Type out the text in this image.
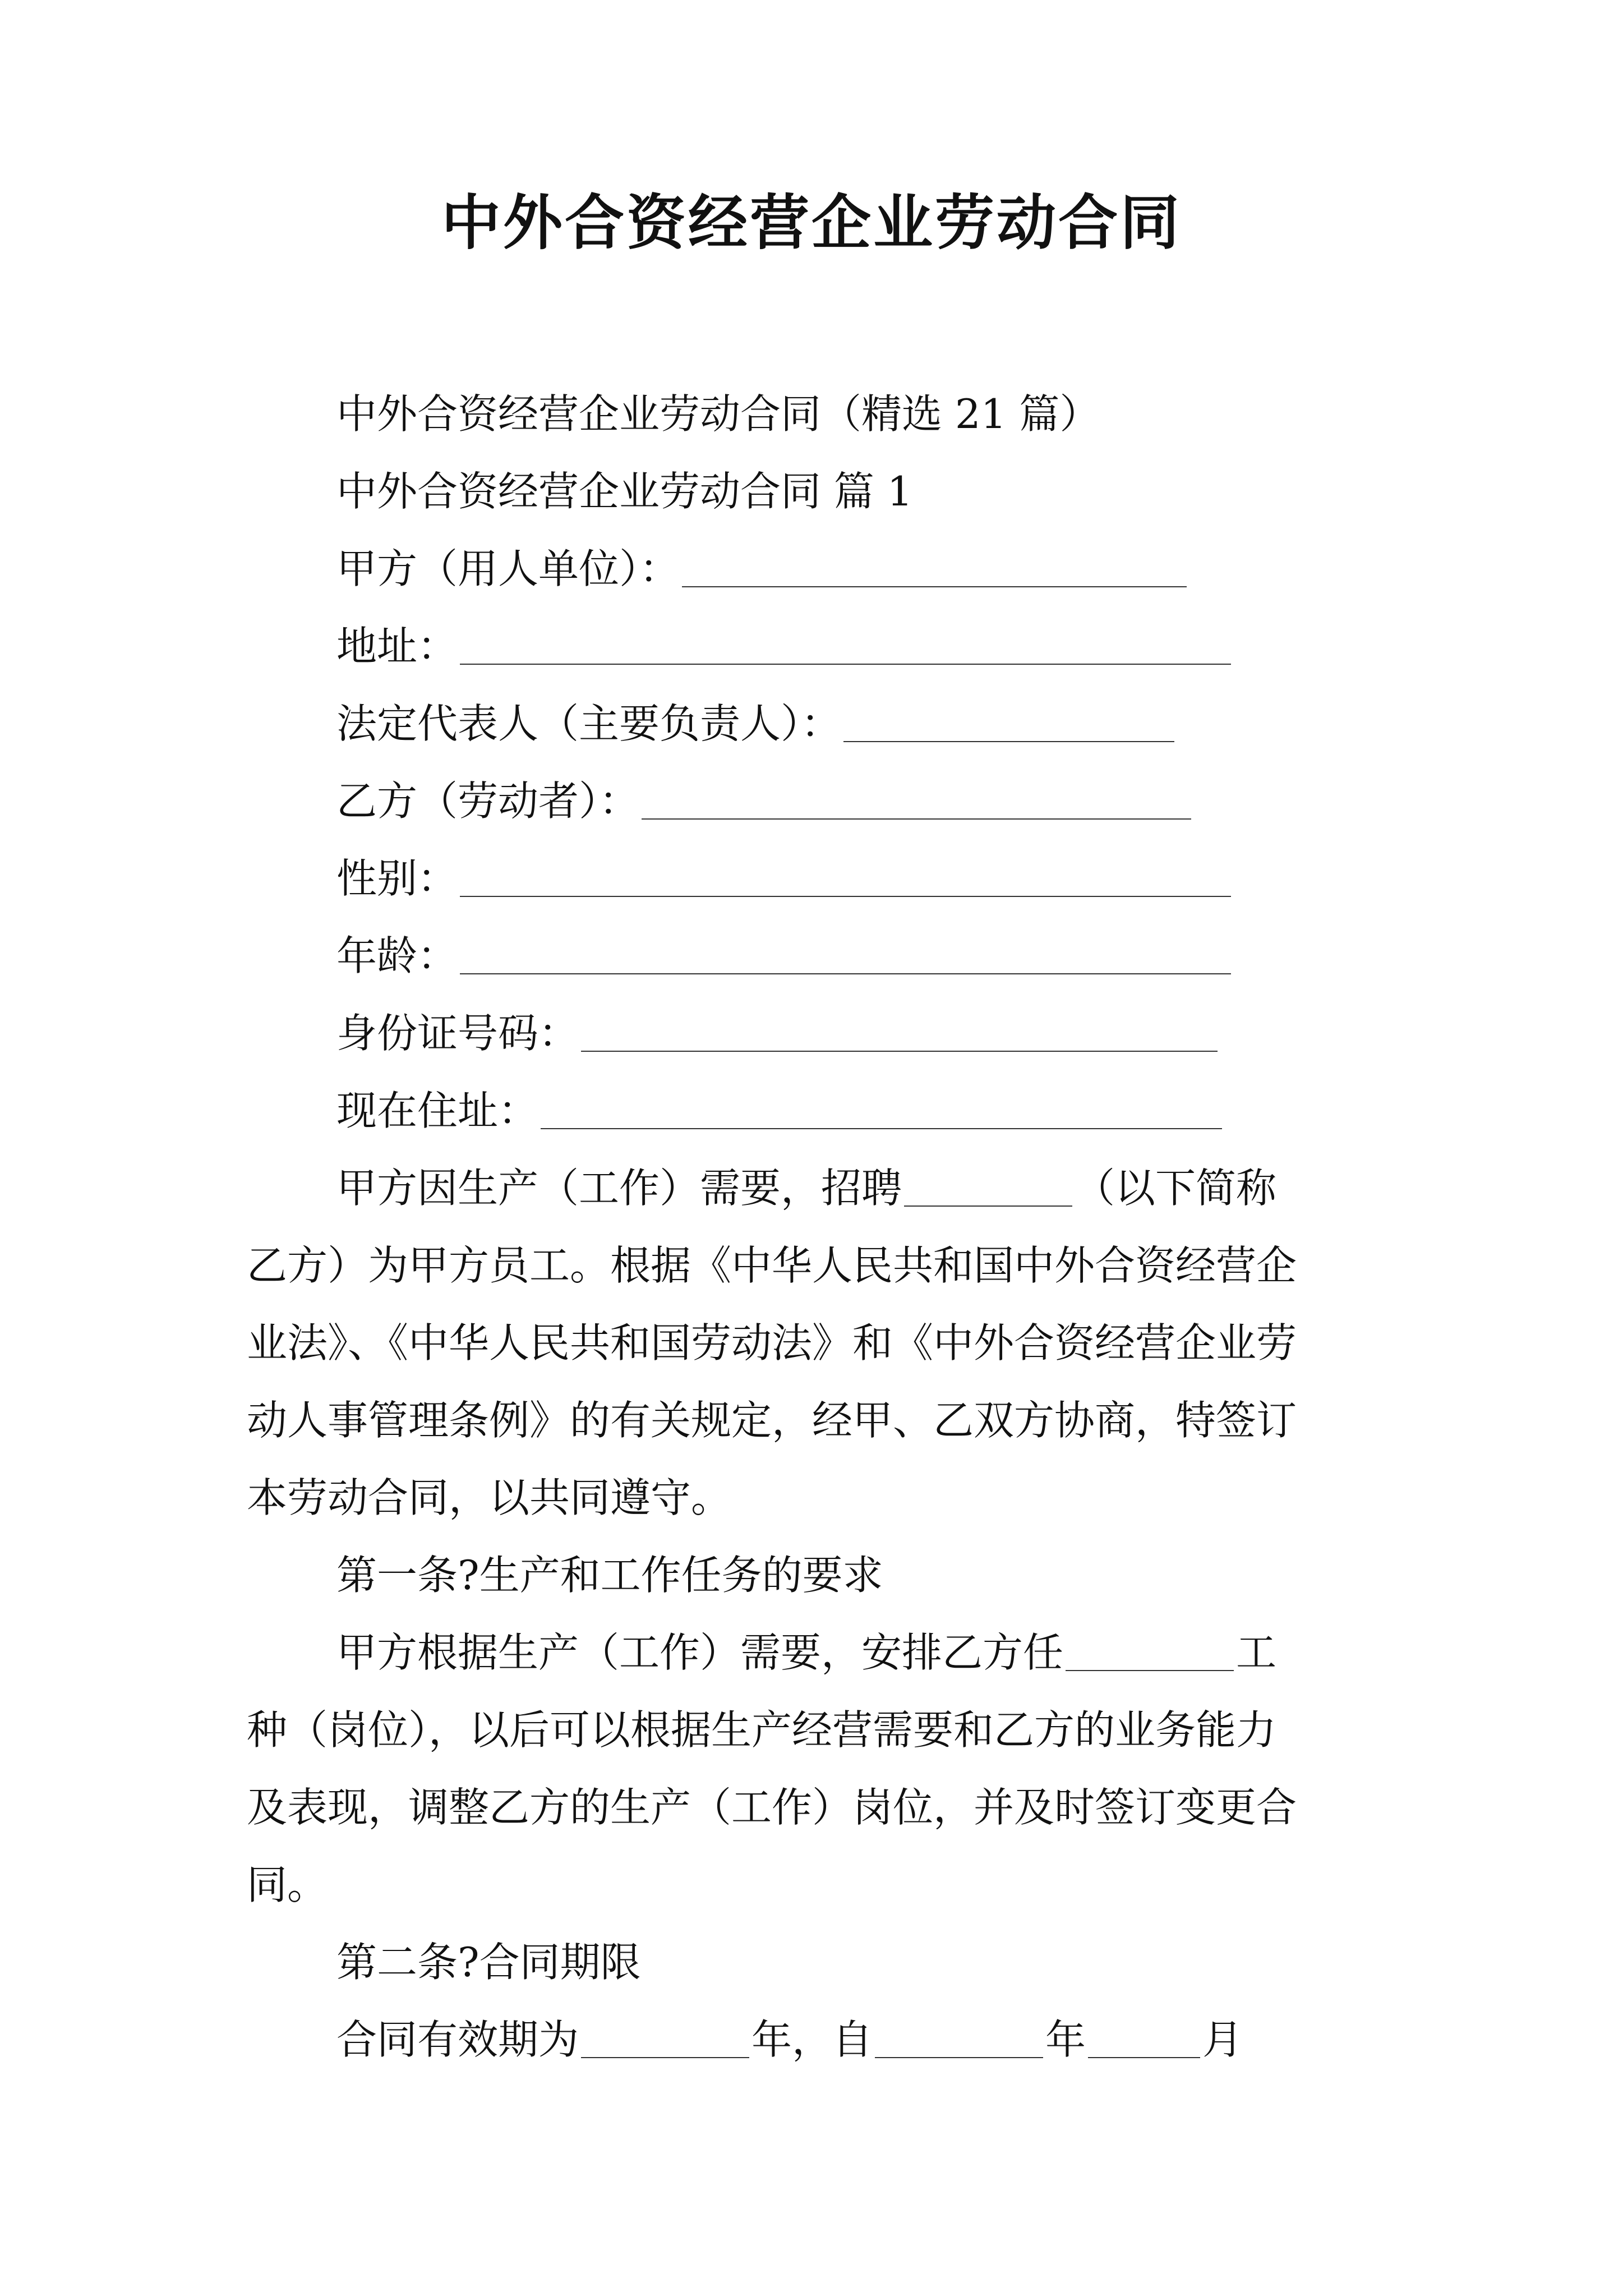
中外合资经营企业劳动合同
中外合资经营企业劳动合同（精选 21 篇）
中外合资经营企业劳动合同 篇 1
甲方（用人单位）：
地址：
法定代表人（主要负责人）：
乙方（劳动者）：
性别：
年龄：
身份证号码：
现在住址：
甲方因生产（工作）需要，招聘	（以下简称
乙方）为甲方员工。根据《中华人民共和国中外合资经营企
业法》、《中华人民共和国劳动法》和《中外合资经营企业劳
动人事管理条例》的有关规定，经甲、乙双方协商，特签订
本劳动合同，以共同遵守。
第一条?生产和工作任务的要求
甲方根据生产（工作）需要，安排乙方任	工
种（岗位），以后可以根据生产经营需要和乙方的业务能力
及表现，调整乙方的生产（工作）岗位，并及时签订变更合
同。
第二条?合同期限
合同有效期为	年，自	年	月
